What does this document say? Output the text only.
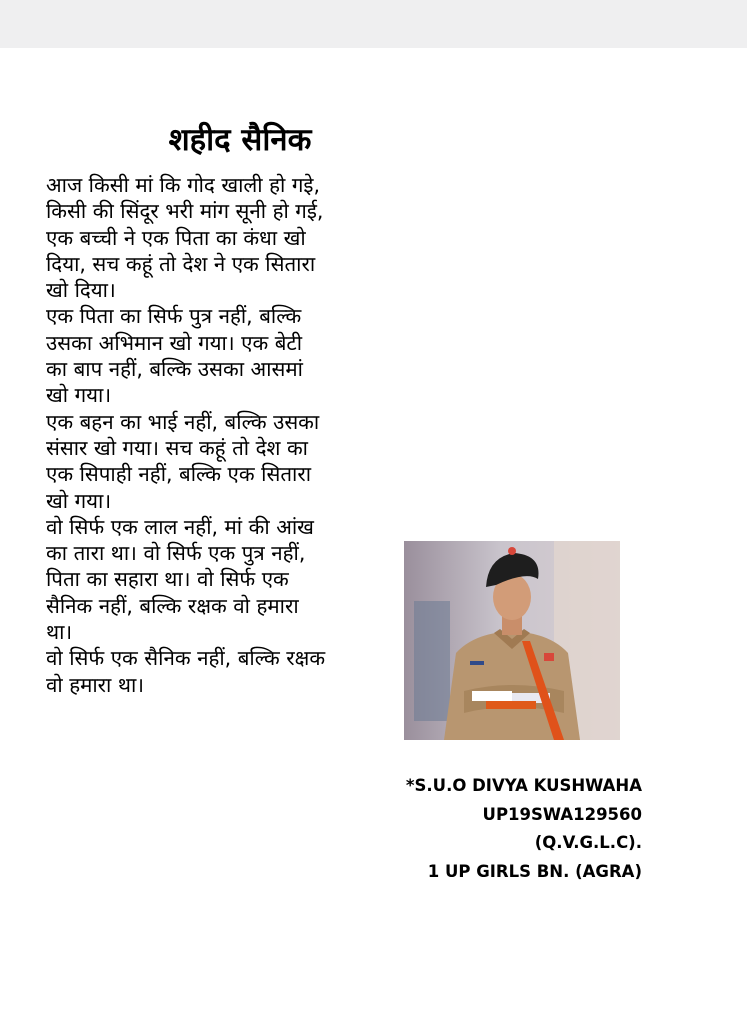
शहीद सैनिक
आज किसी मां कि गोद खाली हो गइे,
किसी की सिंदूर भरी मांग सूनी हो गई,
एक बच्ची ने एक पिता का कंधा खो
दिया, सच कहूं तो देश ने एक सितारा
खो दिया।
एक पिता का सिर्फ पुत्र नहीं, बल्कि
उसका अभिमान खो गया। एक बेटी
का बाप नहीं, बल्कि उसका आसमां
खो गया।
एक बहन का भाई नहीं, बल्कि उसका
संसार खो गया। सच कहूं तो देश का
एक सिपाही नहीं, बल्कि एक सितारा
खो गया।
वो सिर्फ एक लाल नहीं, मां की आंख
का तारा था। वो सिर्फ एक पुत्र नहीं,
पिता का सहारा था। वो सिर्फ एक
सैनिक नहीं, बल्कि रक्षक वो हमारा
था।
वो सिर्फ एक सैनिक नहीं, बल्कि रक्षक
वो हमारा था।
*S.U.O DIVYA KUSHWAHA
UP19SWA129560
(Q.V.G.L.C).
1 UP GIRLS BN. (AGRA)
